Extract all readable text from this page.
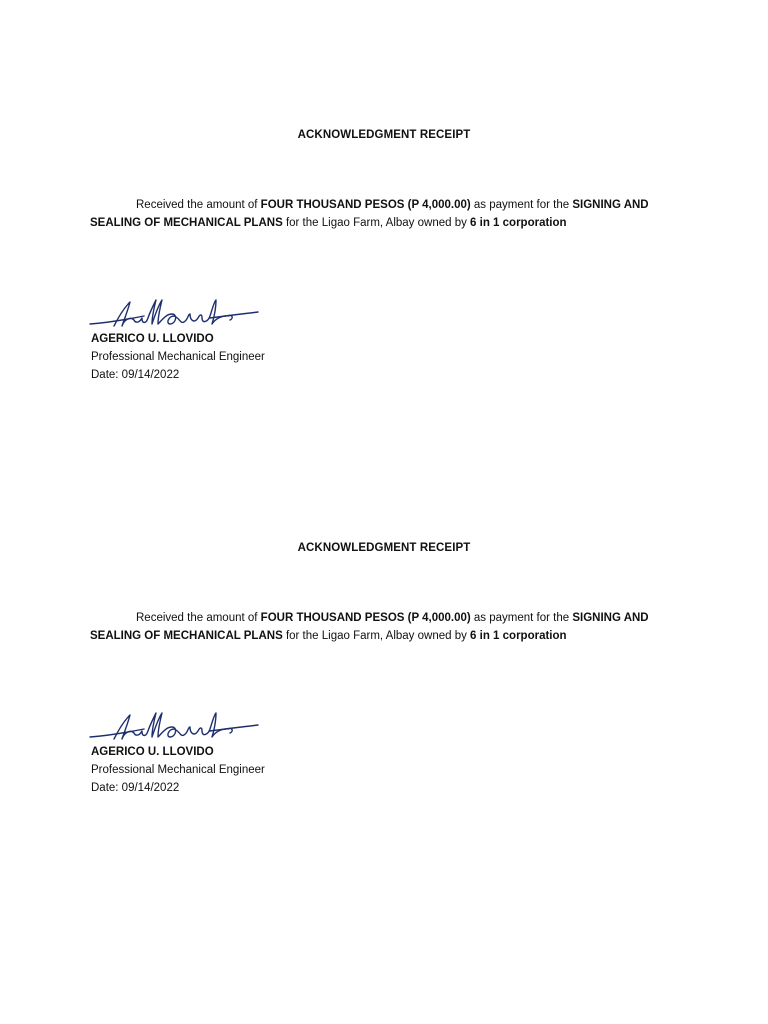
ACKNOWLEDGMENT RECEIPT
Received the amount of FOUR THOUSAND PESOS (P 4,000.00) as payment for the SIGNING AND SEALING OF MECHANICAL PLANS for the Ligao Farm, Albay owned by 6 in 1 corporation
AGERICO U. LLOVIDO
Professional Mechanical Engineer
Date: 09/14/2022
ACKNOWLEDGMENT RECEIPT
Received the amount of FOUR THOUSAND PESOS (P 4,000.00) as payment for the SIGNING AND SEALING OF MECHANICAL PLANS for the Ligao Farm, Albay owned by 6 in 1 corporation
AGERICO U. LLOVIDO
Professional Mechanical Engineer
Date: 09/14/2022
